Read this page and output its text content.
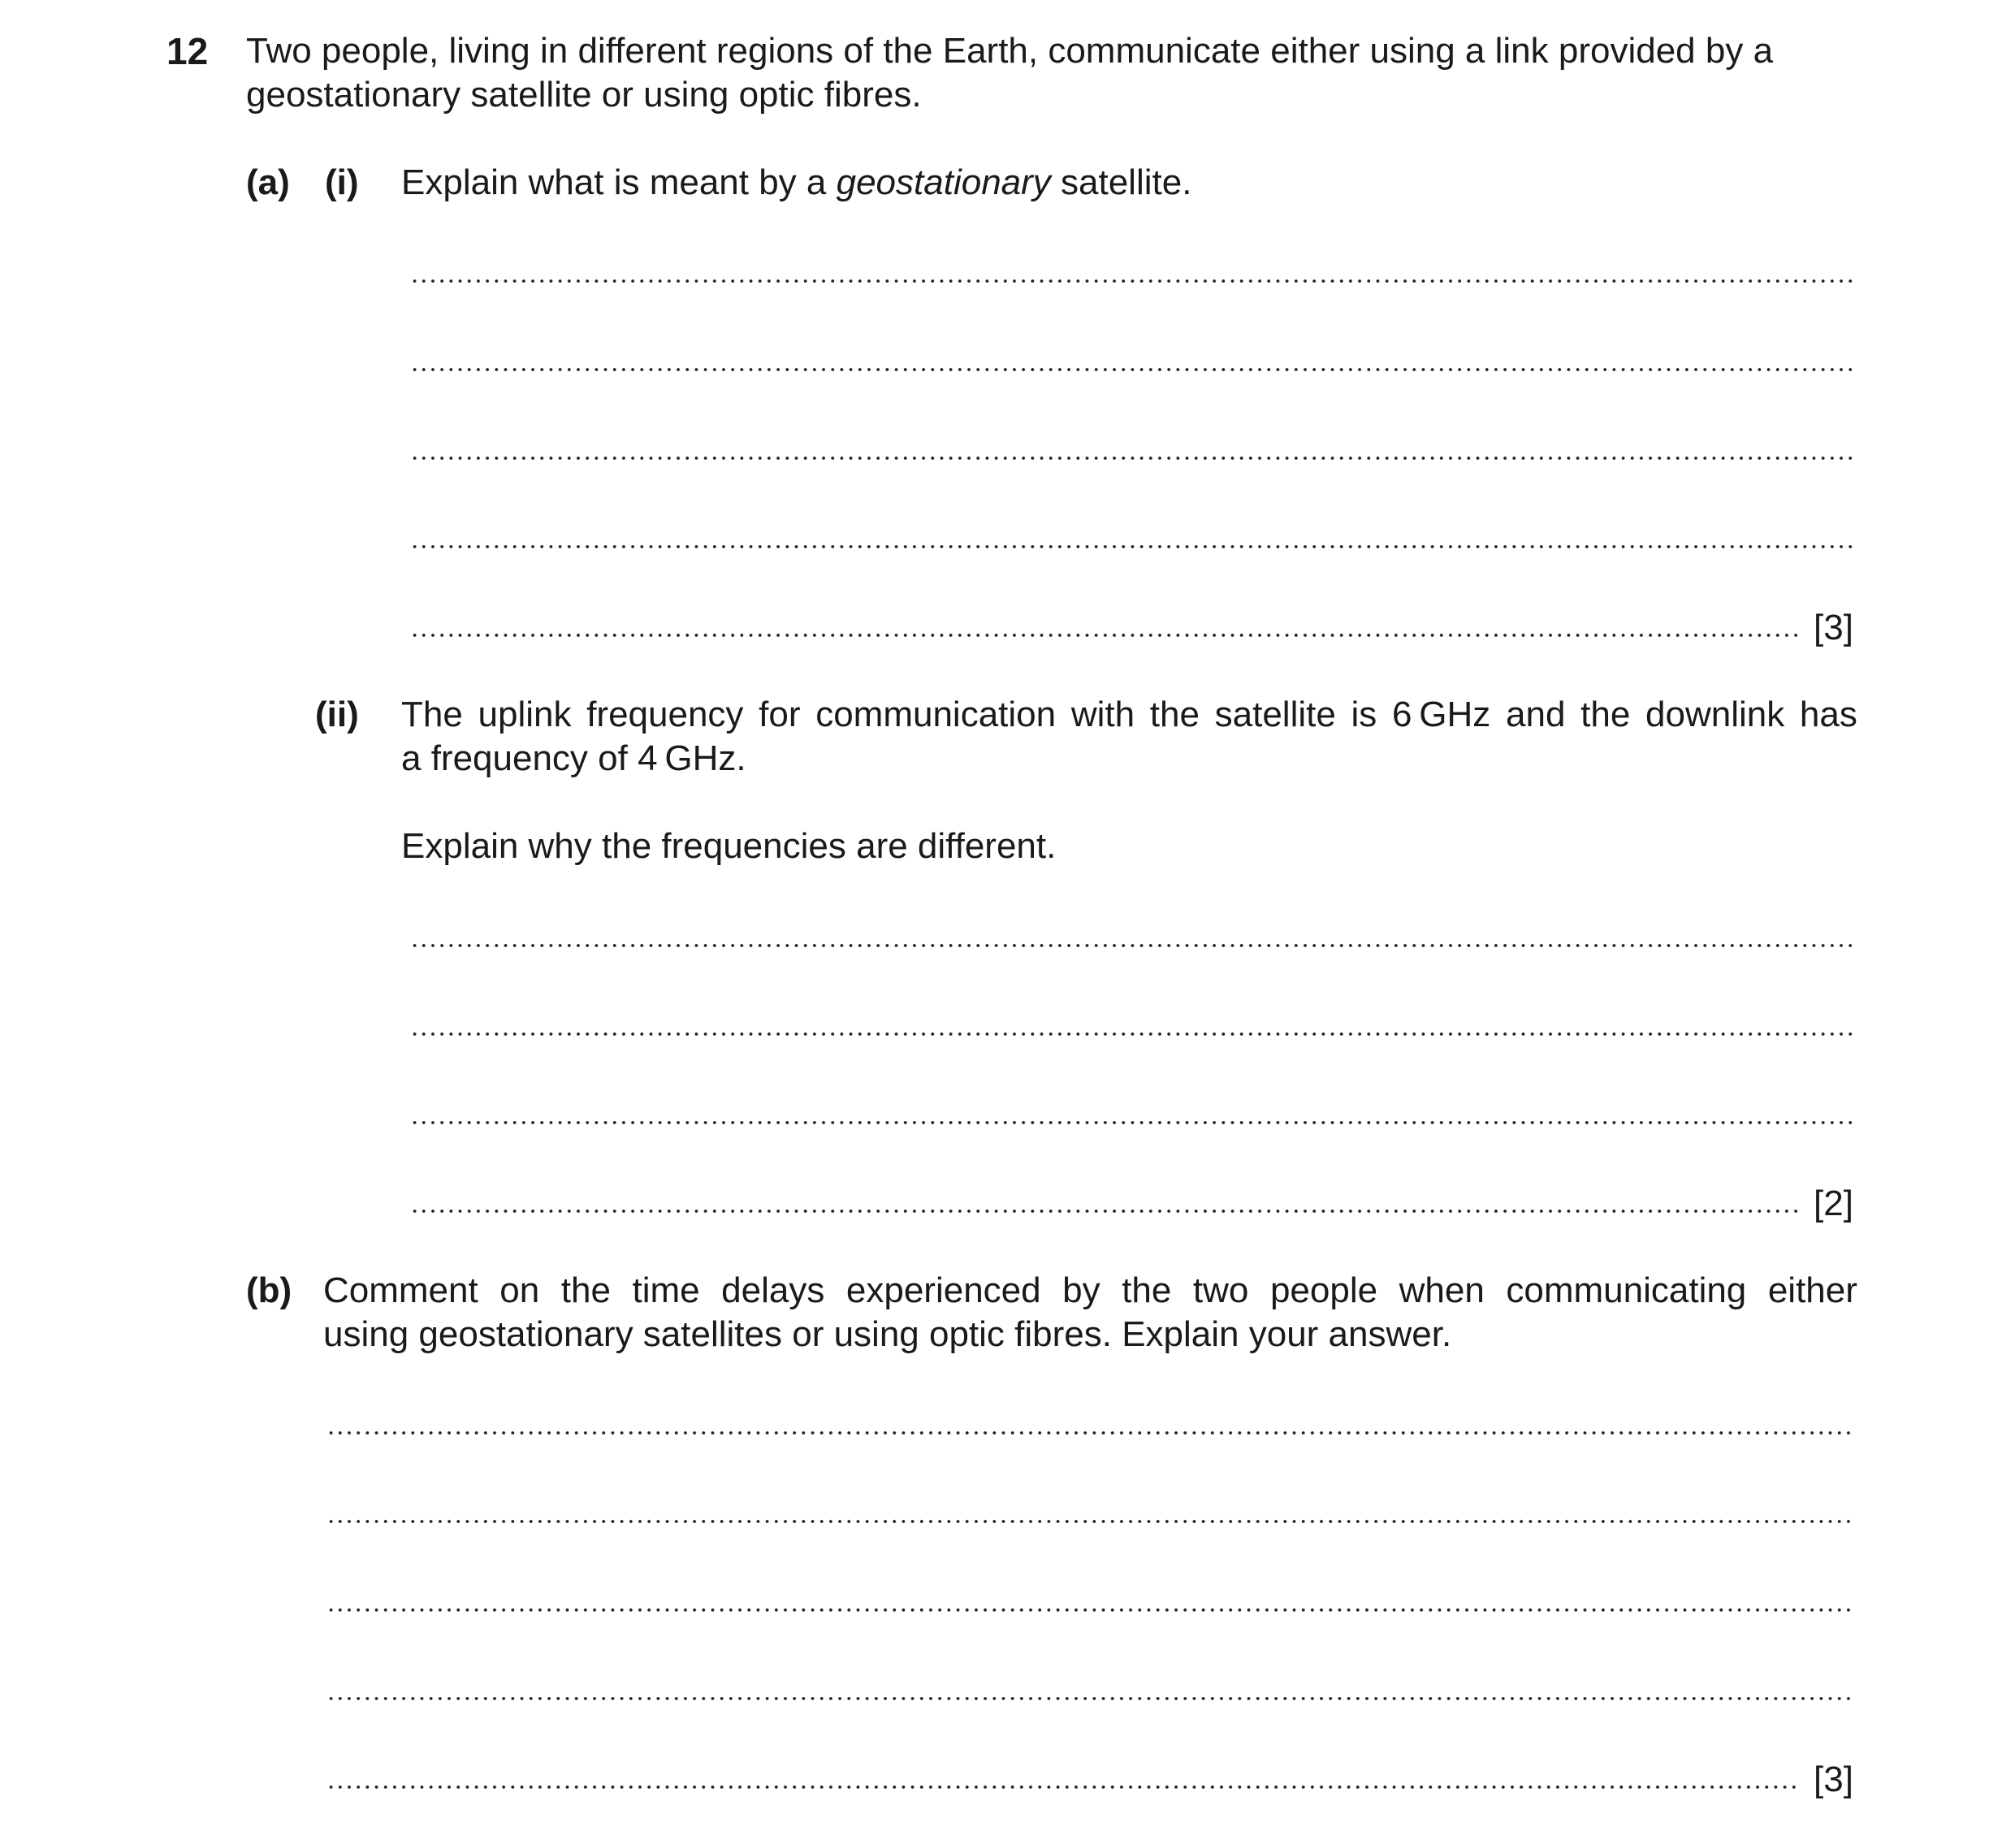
12 Two people, living in different regions of the Earth, communicate either using a link provided by a
geostationary satellite or using optic fibres.
(a) (i) Explain what is meant by a geostationary satellite.
[3]
(ii) The uplink frequency for communication with the satellite is 6 GHz and the downlink has
a frequency of 4 GHz.
Explain why the frequencies are different.
[2]
(b) Comment on the time delays experienced by the two people when communicating either
using geostationary satellites or using optic fibres. Explain your answer.
[3]
